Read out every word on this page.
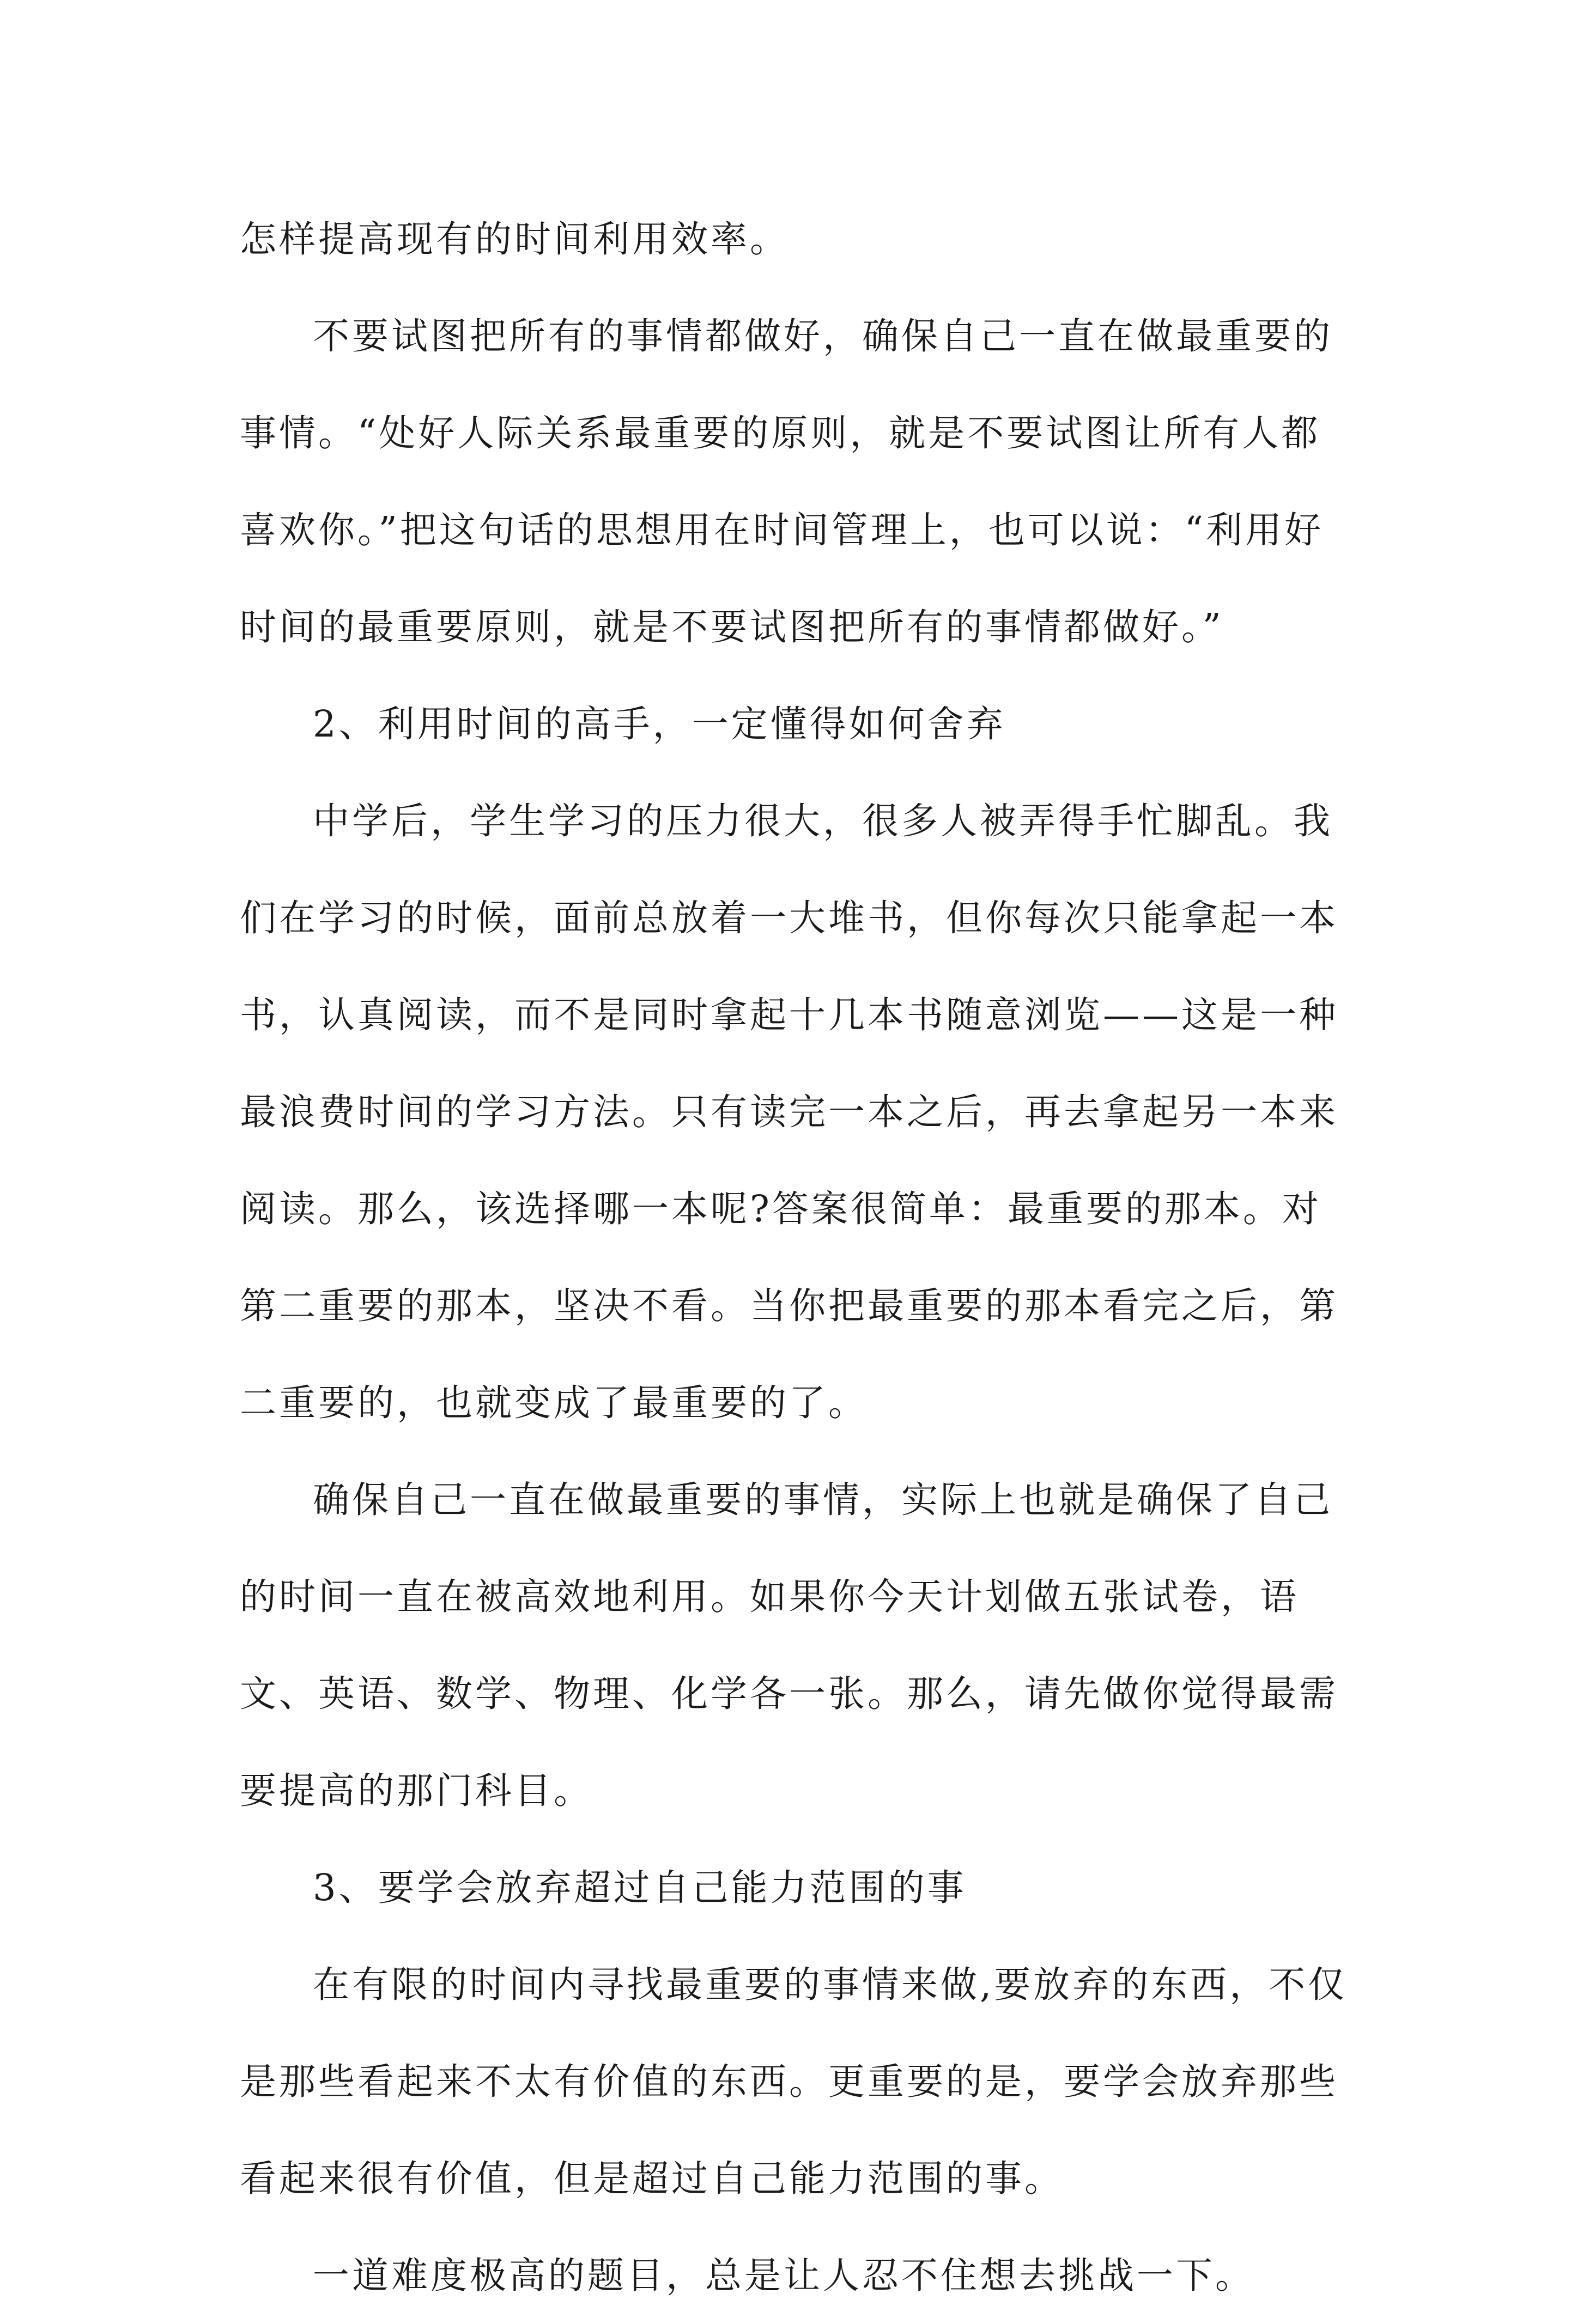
怎样提高现有的时间利用效率。

不要试图把所有的事情都做好，确保自己一直在做最重要的事情。“处好人际关系最重要的原则，就是不要试图让所有人都喜欢你。”把这句话的思想用在时间管理上，也可以说：“利用好时间的最重要原则，就是不要试图把所有的事情都做好。”

2、利用时间的高手，一定懂得如何舍弃

中学后，学生学习的压力很大，很多人被弄得手忙脚乱。我们在学习的时候，面前总放着一大堆书，但你每次只能拿起一本书，认真阅读，而不是同时拿起十几本书随意浏览——这是一种最浪费时间的学习方法。只有读完一本之后，再去拿起另一本来阅读。那么，该选择哪一本呢?答案很简单：最重要的那本。对第二重要的那本，坚决不看。当你把最重要的那本看完之后，第二重要的，也就变成了最重要的了。

确保自己一直在做最重要的事情，实际上也就是确保了自己的时间一直在被高效地利用。如果你今天计划做五张试卷，语文、英语、数学、物理、化学各一张。那么，请先做你觉得最需要提高的那门科目。

3、要学会放弃超过自己能力范围的事

在有限的时间内寻找最重要的事情来做,要放弃的东西，不仅是那些看起来不太有价值的东西。更重要的是，要学会放弃那些看起来很有价值，但是超过自己能力范围的事。

一道难度极高的题目，总是让人忍不住想去挑战一下。
